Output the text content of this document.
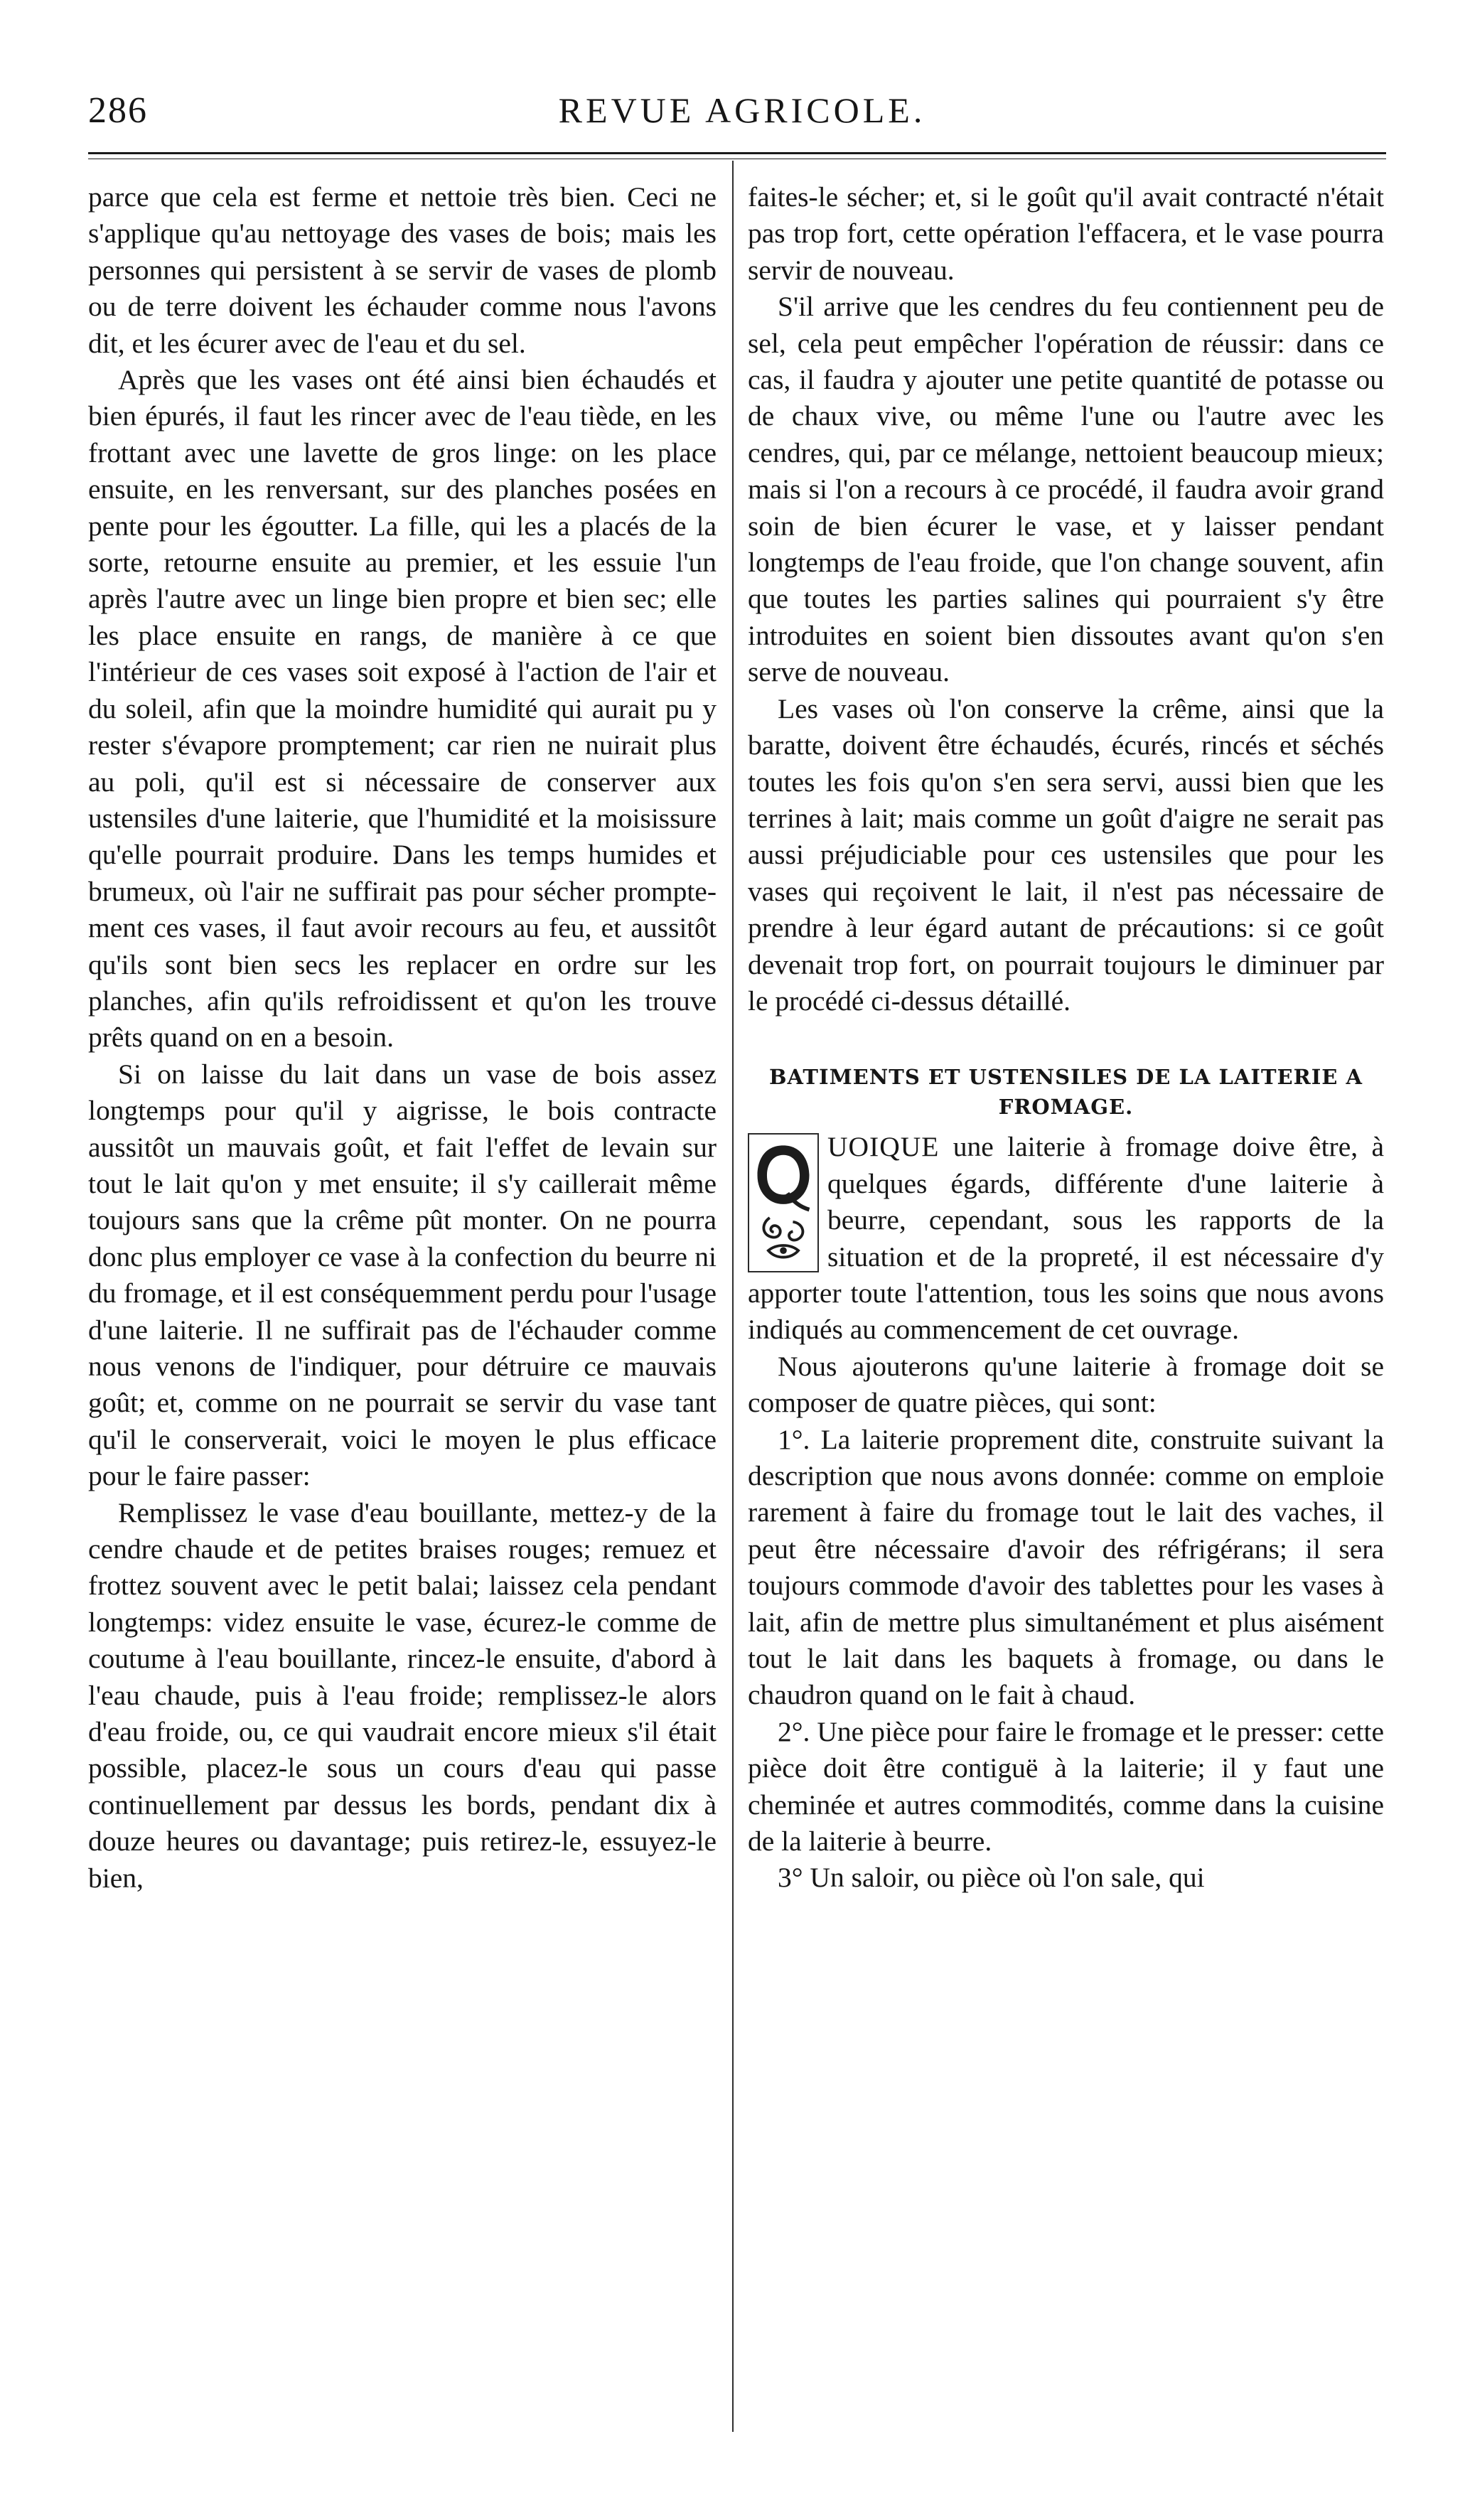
286	REVUE AGRICOLE.

parce que cela est ferme et nettoie très bien. Ceci ne s'applique qu'au nettoyage des vases de bois; mais les personnes qui persistent à se servir de vases de plomb ou de terre doivent les échauder comme nous l'avons dit, et les écurer avec de l'eau et du sel.

Après que les vases ont été ainsi bien échaudés et bien épurés, il faut les rincer avec de l'eau tiède, en les frottant avec une lavette de gros linge: on les place ensuite, en les renversant, sur des planches posées en pente pour les égoutter. La fille, qui les a placés de la sorte, retourne ensuite au premier, et les essuie l'un après l'autre avec un linge bien propre et bien sec; elle les place ensuite en rangs, de manière à ce que l'intérieur de ces vases soit exposé à l'action de l'air et du soleil, afin que la moindre humidité qui aurait pu y rester s'évapore promptement; car rien ne nuirait plus au poli, qu'il est si nécessaire de conserver aux ustensiles d'une laiterie, que l'humidité et la moisissure qu'elle pourrait produire. Dans les temps humides et brumeux, où l'air ne suffirait pas pour sécher promptement ces vases, il faut avoir recours au feu, et aussitôt qu'ils sont bien secs les replacer en ordre sur les planches, afin qu'ils refroidissent et qu'on les trouve prêts quand on en a besoin.

Si on laisse du lait dans un vase de bois assez longtemps pour qu'il y aigrisse, le bois contracte aussitôt un mauvais goût, et fait l'effet de levain sur tout le lait qu'on y met ensuite; il s'y caillerait même toujours sans que la crême pût monter. On ne pourra donc plus employer ce vase à la confection du beurre ni du fromage, et il est conséquemment perdu pour l'usage d'une laiterie. Il ne suffirait pas de l'échauder comme nous venons de l'indiquer, pour détruire ce mauvais goût; et, comme on ne pourrait se servir du vase tant qu'il le conserverait, voici le moyen le plus efficace pour le faire passer:

Remplissez le vase d'eau bouillante, mettez-y de la cendre chaude et de petites braises rouges; remuez et frottez souvent avec le petit balai; laissez cela pendant longtemps: videz ensuite le vase, écurez-le comme de coutume à l'eau bouillante, rincez-le ensuite, d'abord à l'eau chaude, puis à l'eau froide; remplissez-le alors d'eau froide, ou, ce qui vaudrait encore mieux s'il était possible, placez-le sous un cours d'eau qui passe continuellement par dessus les bords, pendant dix à douze heures ou davantage; puis retirez-le, essuyez-le bien,

faites-le sécher; et, si le goût qu'il avait contracté n'était pas trop fort, cette opération l'effacera, et le vase pourra servir de nouveau.

S'il arrive que les cendres du feu contiennent peu de sel, cela peut empêcher l'opération de réussir: dans ce cas, il faudra y ajouter une petite quantité de potasse ou de chaux vive, ou même l'une ou l'autre avec les cendres, qui, par ce mélange, nettoient beaucoup mieux; mais si l'on a recours à ce procédé, il faudra avoir grand soin de bien écurer le vase, et y laisser pendant longtemps de l'eau froide, que l'on change souvent, afin que toutes les parties salines qui pourraient s'y être introduites en soient bien dissoutes avant qu'on s'en serve de nouveau.

Les vases où l'on conserve la crême, ainsi que la baratte, doivent être échaudés, écurés, rincés et séchés toutes les fois qu'on s'en sera servi, aussi bien que les terrines à lait; mais comme un goût d'aigre ne serait pas aussi préjudiciable pour ces ustensiles que pour les vases qui reçoivent le lait, il n'est pas nécessaire de prendre à leur égard autant de précautions: si ce goût devenait trop fort, on pourrait toujours le diminuer par le procédé ci-dessus détaillé.

BATIMENTS ET USTENSILES DE LA LAITERIE A FROMAGE.

UOIQUE une laiterie à fromage doive être, à quelques égards, différente d'une laiterie à beurre, cependant, sous les rapports de la situation et de la propreté, il est nécessaire d'y apporter toute l'attention, tous les soins que nous avons indiqués au commencement de cet ouvrage.

Nous ajouterons qu'une laiterie à fromage doit se composer de quatre pièces, qui sont:

1°. La laiterie proprement dite, construite suivant la description que nous avons donnée: comme on emploie rarement à faire du fromage tout le lait des vaches, il peut être nécessaire d'avoir des réfrigérans; il sera toujours commode d'avoir des tablettes pour les vases à lait, afin de mettre plus simultanément et plus aisément tout le lait dans les baquets à fromage, ou dans le chaudron quand on le fait à chaud.

2°. Une pièce pour faire le fromage et le presser: cette pièce doit être contiguë à la laiterie; il y faut une cheminée et autres commodités, comme dans la cuisine de la laiterie à beurre.

3° Un saloir, ou pièce où l'on sale, qui
